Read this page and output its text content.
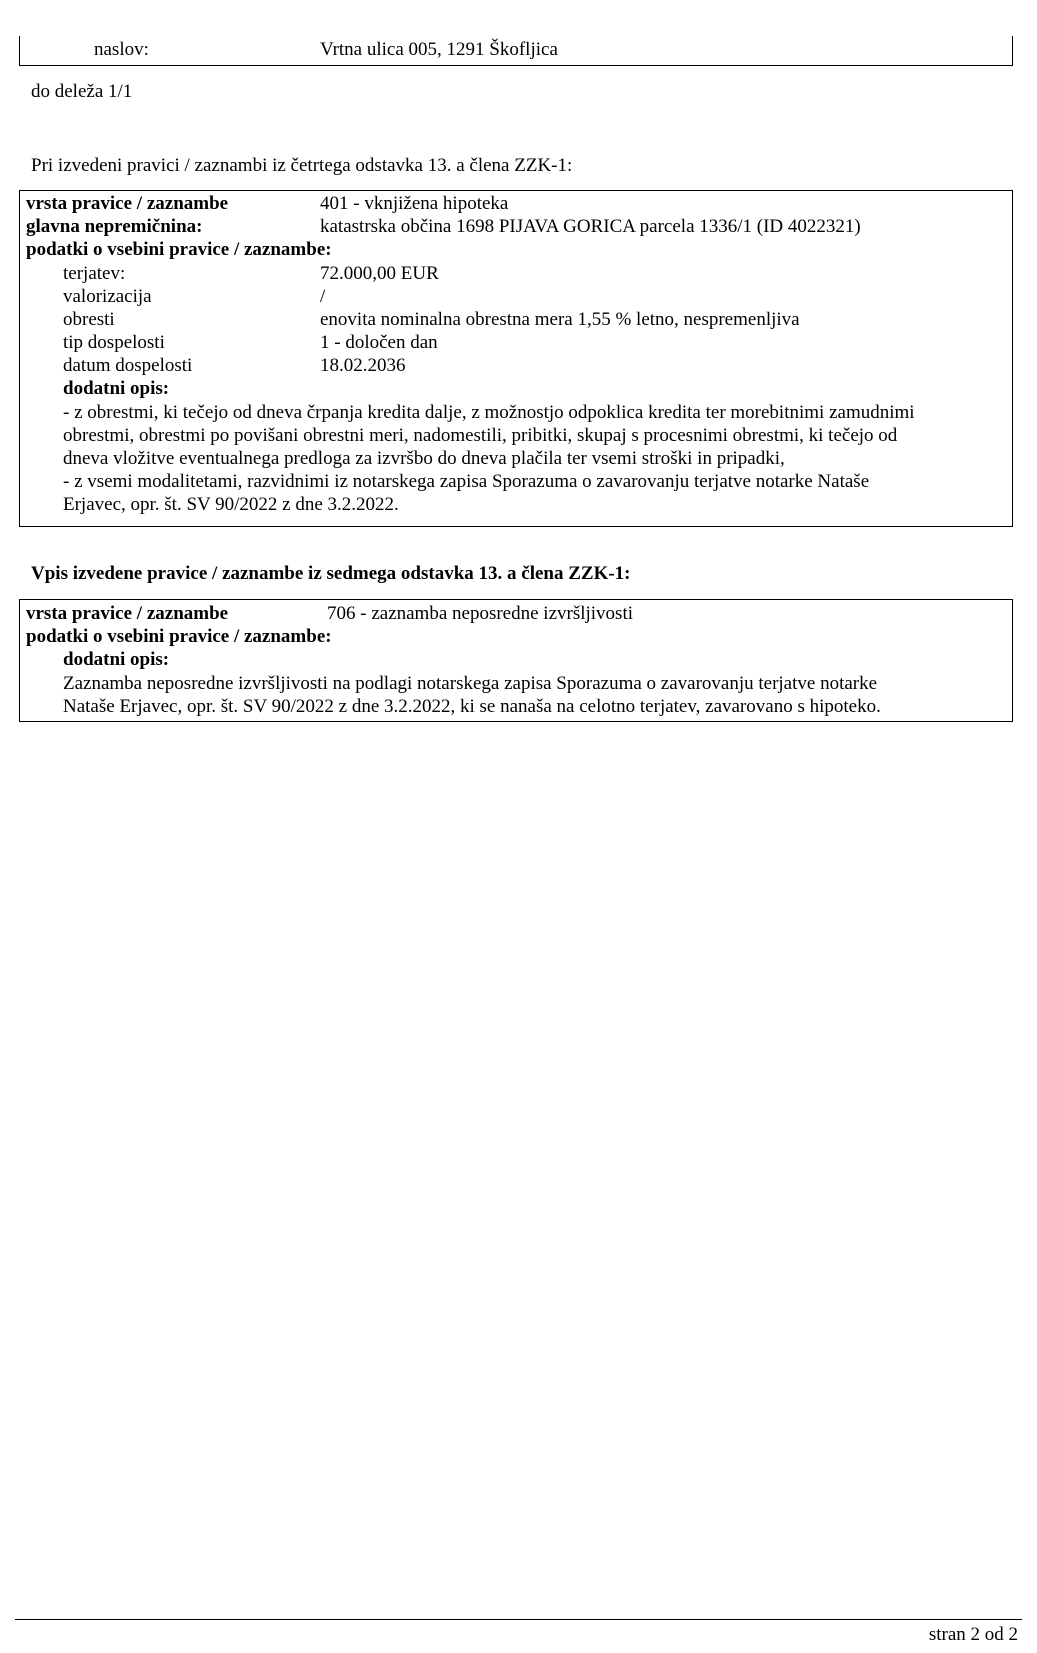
naslov:	Vrtna ulica 005, 1291 Škofljica
do deleža 1/1
Pri izvedeni pravici / zaznambi iz četrtega odstavka 13. a člena ZZK-1:
vrsta pravice / zaznambe	401 - vknjižena hipoteka
glavna nepremičnina:	katastrska občina 1698 PIJAVA GORICA parcela 1336/1 (ID 4022321)
podatki o vsebini pravice / zaznambe:
terjatev:	72.000,00 EUR
valorizacija	/
obresti	enovita nominalna obrestna mera 1,55 % letno, nespremenljiva
tip dospelosti	1 - določen dan
datum dospelosti	18.02.2036
dodatni opis:
- z obrestmi, ki tečejo od dneva črpanja kredita dalje, z možnostjo odpoklica kredita ter morebitnimi zamudnimi
obrestmi, obrestmi po povišani obrestni meri, nadomestili, pribitki, skupaj s procesnimi obrestmi, ki tečejo od
dneva vložitve eventualnega predloga za izvršbo do dneva plačila ter vsemi stroški in pripadki,
- z vsemi modalitetami, razvidnimi iz notarskega zapisa Sporazuma o zavarovanju terjatve notarke Nataše
Erjavec, opr. št. SV 90/2022 z dne 3.2.2022.
Vpis izvedene pravice / zaznambe iz sedmega odstavka 13. a člena ZZK-1:
vrsta pravice / zaznambe	706 - zaznamba neposredne izvršljivosti
podatki o vsebini pravice / zaznambe:
dodatni opis:
Zaznamba neposredne izvršljivosti na podlagi notarskega zapisa Sporazuma o zavarovanju terjatve notarke
Nataše Erjavec, opr. št. SV 90/2022 z dne 3.2.2022, ki se nanaša na celotno terjatev, zavarovano s hipoteko.
stran 2 od 2
